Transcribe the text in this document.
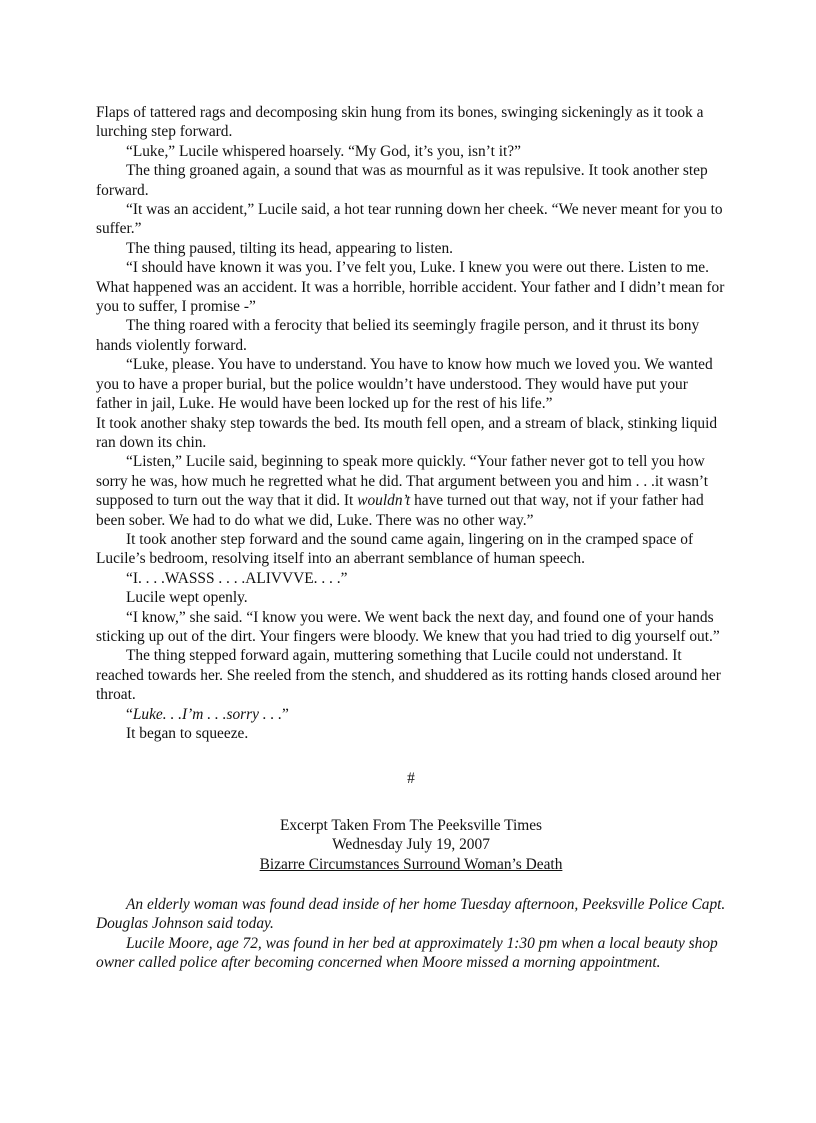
Flaps of tattered rags and decomposing skin hung from its bones, swinging sickeningly as it took a lurching step forward.

“Luke,” Lucile whispered hoarsely. “My God, it’s you, isn’t it?”

The thing groaned again, a sound that was as mournful as it was repulsive. It took another step forward.

“It was an accident,” Lucile said, a hot tear running down her cheek. “We never meant for you to suffer.”

The thing paused, tilting its head, appearing to listen.

“I should have known it was you. I’ve felt you, Luke. I knew you were out there. Listen to me. What happened was an accident. It was a horrible, horrible accident. Your father and I didn’t mean for you to suffer, I promise -”

The thing roared with a ferocity that belied its seemingly fragile person, and it thrust its bony hands violently forward.

“Luke, please. You have to understand. You have to know how much we loved you. We wanted you to have a proper burial, but the police wouldn’t have understood. They would have put your father in jail, Luke. He would have been locked up for the rest of his life.”

It took another shaky step towards the bed. Its mouth fell open, and a stream of black, stinking liquid ran down its chin.

“Listen,” Lucile said, beginning to speak more quickly. “Your father never got to tell you how sorry he was, how much he regretted what he did. That argument between you and him . . .it wasn’t supposed to turn out the way that it did. It wouldn’t have turned out that way, not if your father had been sober. We had to do what we did, Luke. There was no other way.”

It took another step forward and the sound came again, lingering on in the cramped space of Lucile’s bedroom, resolving itself into an aberrant semblance of human speech.

“I. . . .WASSS . . . .ALIVVVE. . . .”

Lucile wept openly.

“I know,” she said. “I know you were. We went back the next day, and found one of your hands sticking up out of the dirt. Your fingers were bloody. We knew that you had tried to dig yourself out.”

The thing stepped forward again, muttering something that Lucile could not understand. It reached towards her. She reeled from the stench, and shuddered as its rotting hands closed around her throat.

“Luke. . .I’m . . .sorry . . .”

It began to squeeze.

#

Excerpt Taken From The Peeksville Times

Wednesday July 19, 2007

Bizarre Circumstances Surround Woman’s Death

An elderly woman was found dead inside of her home Tuesday afternoon, Peeksville Police Capt. Douglas Johnson said today.

Lucile Moore, age 72, was found in her bed at approximately 1:30 pm when a local beauty shop owner called police after becoming concerned when Moore missed a morning appointment.
